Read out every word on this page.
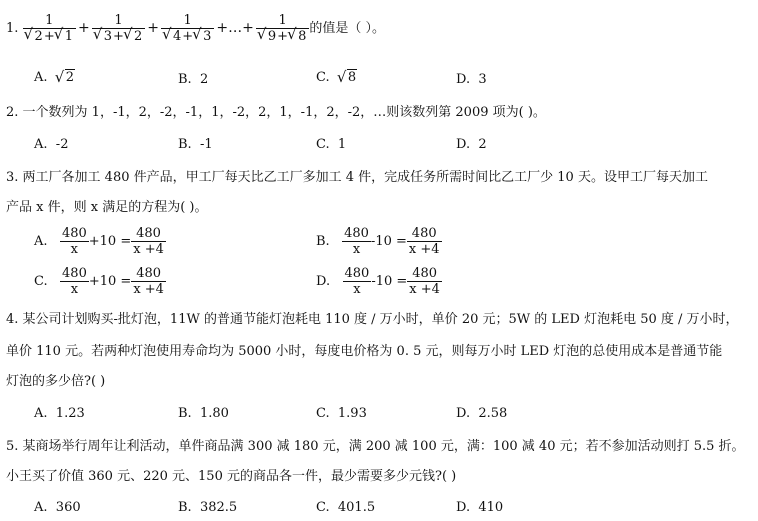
1. 1
√ 2+ √ 1 + 1
√ 3+ √ 2 + 1
√ 4+ √ 3 +…+ 1
√ 9+ √ 8 的值是（ ）。
A. √ 2	B. 2	C. √ 8	D. 3
2. 一个数列为 1，-1，2，-2，-1，1，-2，2，1，-1，2，-2，…则该数列第 2009 项为( )。
A. -2	B. -1	C. 1	D. 2
3. 两工厂各加工 480 件产品，甲工厂每天比乙工厂多加工 4 件，完成任务所需时间比乙工厂少 10 天。设甲工厂每天加工
产品 x 件，则 x 满足的方程为( )。
A. $\frac{480}{x} +10 = \frac{480}{x +4}$	B. $\frac{480}{x} -10 = \frac{480}{x +4}$
C. $\frac{480}{x} +10 = \frac{480}{x +4}$	D. $\frac{480}{x} -10 = \frac{480}{x +4}$
4. 某公司计划购买-批灯泡，11W 的普通节能灯泡耗电 110 度 / 万小时，单价 20 元；5W 的 LED 灯泡耗电 50 度 / 万小时，
单价 110 元。若两种灯泡使用寿命均为 5000 小时，每度电价格为 0. 5 元，则每万小时 LED 灯泡的总使用成本是普通节能
灯泡的多少倍?( )
A. 1.23	B. 1.80	C. 1.93	D. 2.58
5. 某商场举行周年让利活动，单件商品满 300 减 180 元，满 200 减 100 元，满：100 减 40 元；若不参加活动则打 5.5 折。
小王买了价值 360 元、220 元、150 元的商品各一件，最少需要多少元钱?( )
A. 360	B. 382.5	C. 401.5	D. 410
